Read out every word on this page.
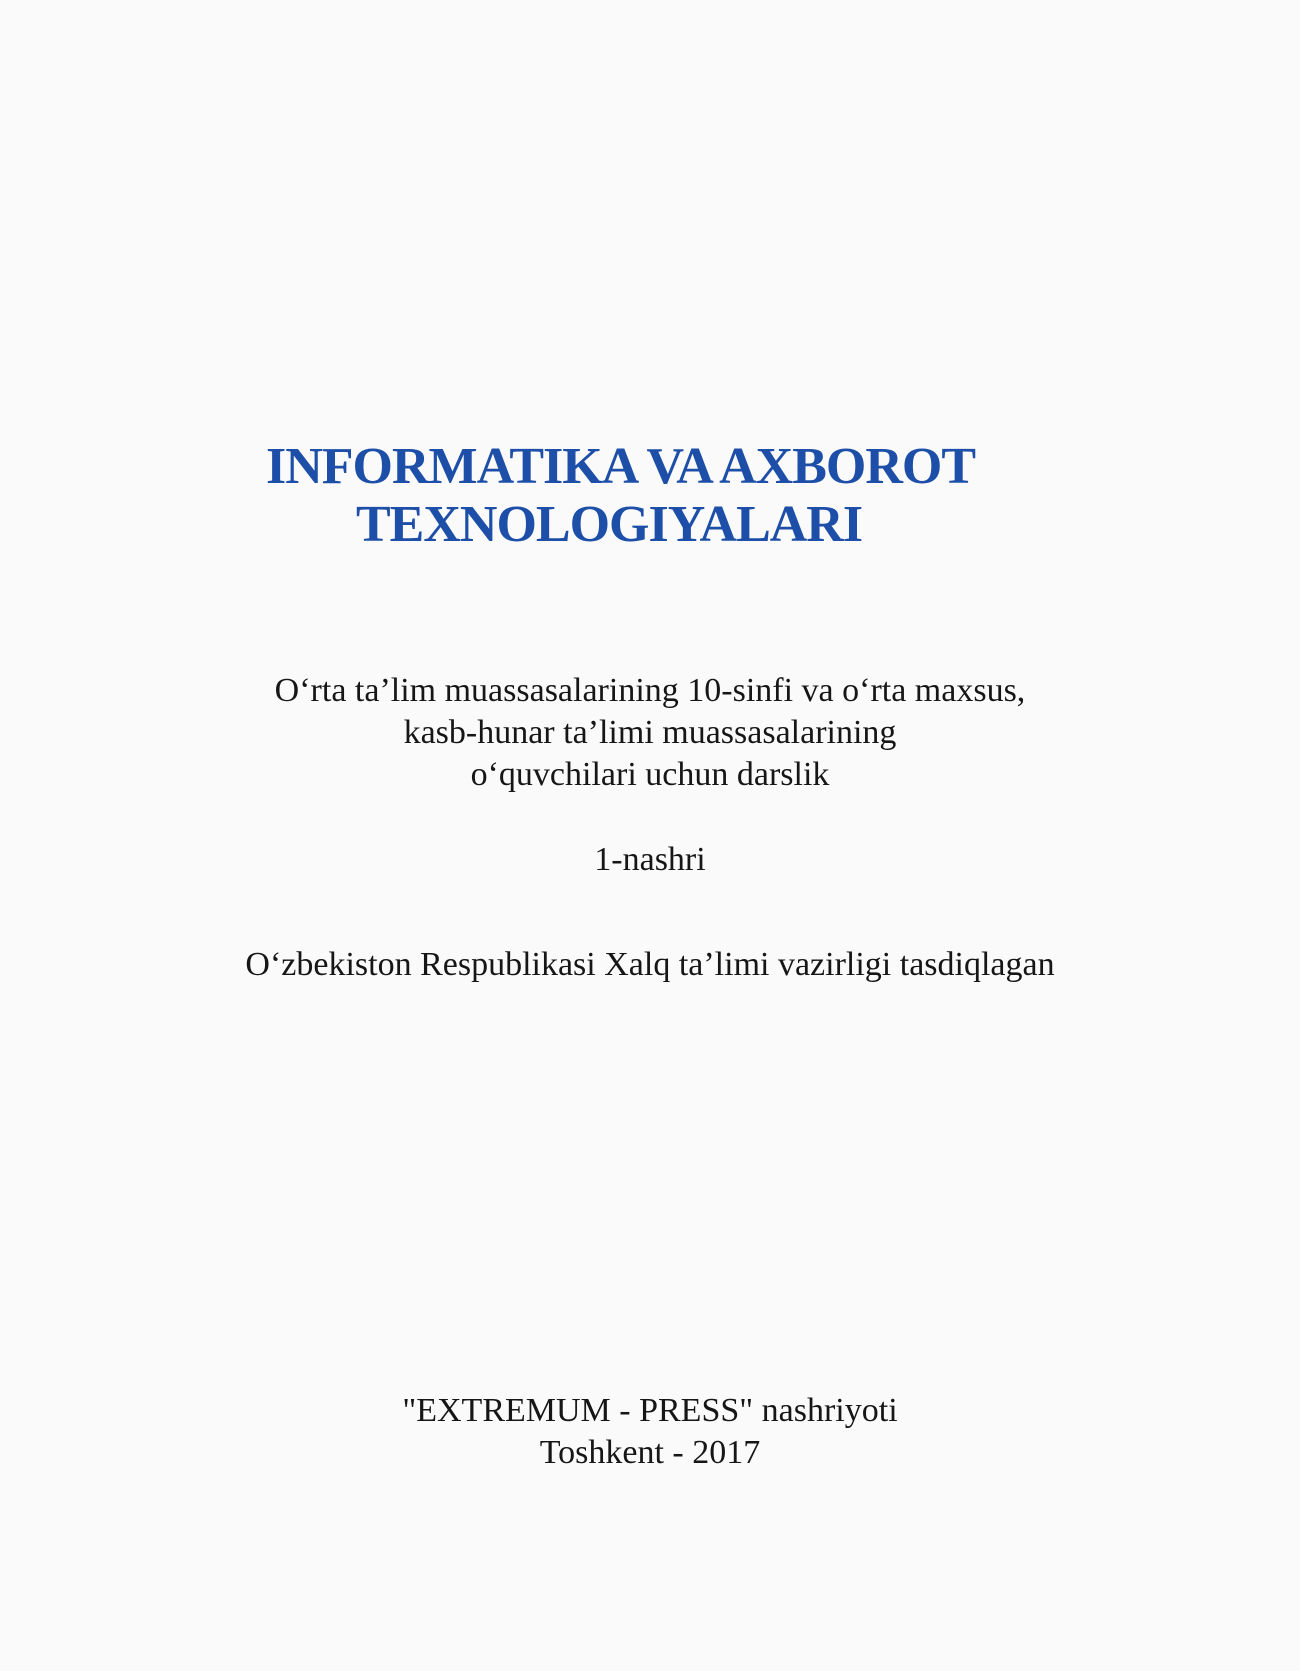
INFORMATIKA VA AXBOROT
TEXNOLOGIYALARI
O‘rta ta’lim muassasalarining 10-sinfi va o‘rta maxsus,
kasb-hunar ta’limi muassasalarining
o‘quvchilari uchun darslik
1-nashri
O‘zbekiston Respublikasi Xalq ta’limi vazirligi tasdiqlagan
"EXTREMUM - PRESS" nashriyoti
Toshkent - 2017
